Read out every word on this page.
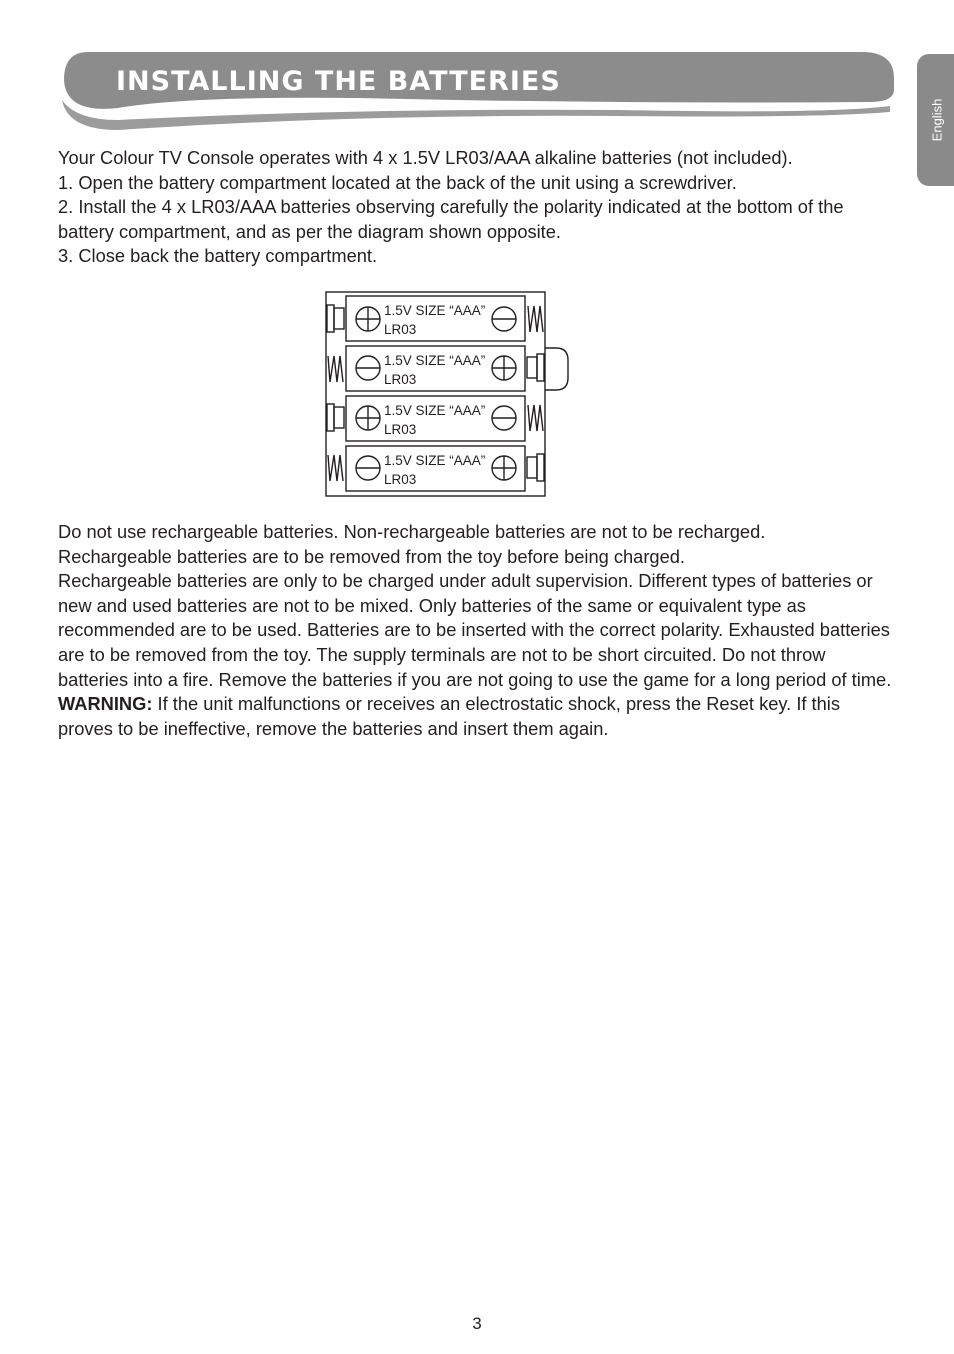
INSTALLING THE BATTERIES
English

Your Colour TV Console operates with 4 x 1.5V LR03/AAA alkaline batteries (not included).

1. Open the battery compartment located at the back of the unit using a screwdriver.

2. Install the 4 x LR03/AAA batteries observing carefully the polarity indicated at the bottom of the battery compartment, and as per the diagram shown opposite.

3. Close back the battery compartment.

1.5V SIZE “AAA”
LR03
1.5V SIZE “AAA”
LR03
1.5V SIZE “AAA”
LR03
1.5V SIZE “AAA”
LR03

Do not use rechargeable batteries. Non-rechargeable batteries are not to be recharged.

Rechargeable batteries are to be removed from the toy before being charged.

Rechargeable batteries are only to be charged under adult supervision. Different types of batteries or new and used batteries are not to be mixed. Only batteries of the same or equivalent type as recommended are to be used. Batteries are to be inserted with the correct polarity. Exhausted batteries are to be removed from the toy. The supply terminals are not to be short circuited. Do not throw batteries into a fire. Remove the batteries if you are not going to use the game for a long period of time.

WARNING: If the unit malfunctions or receives an electrostatic shock, press the Reset key. If this proves to be ineffective, remove the batteries and insert them again.

3
